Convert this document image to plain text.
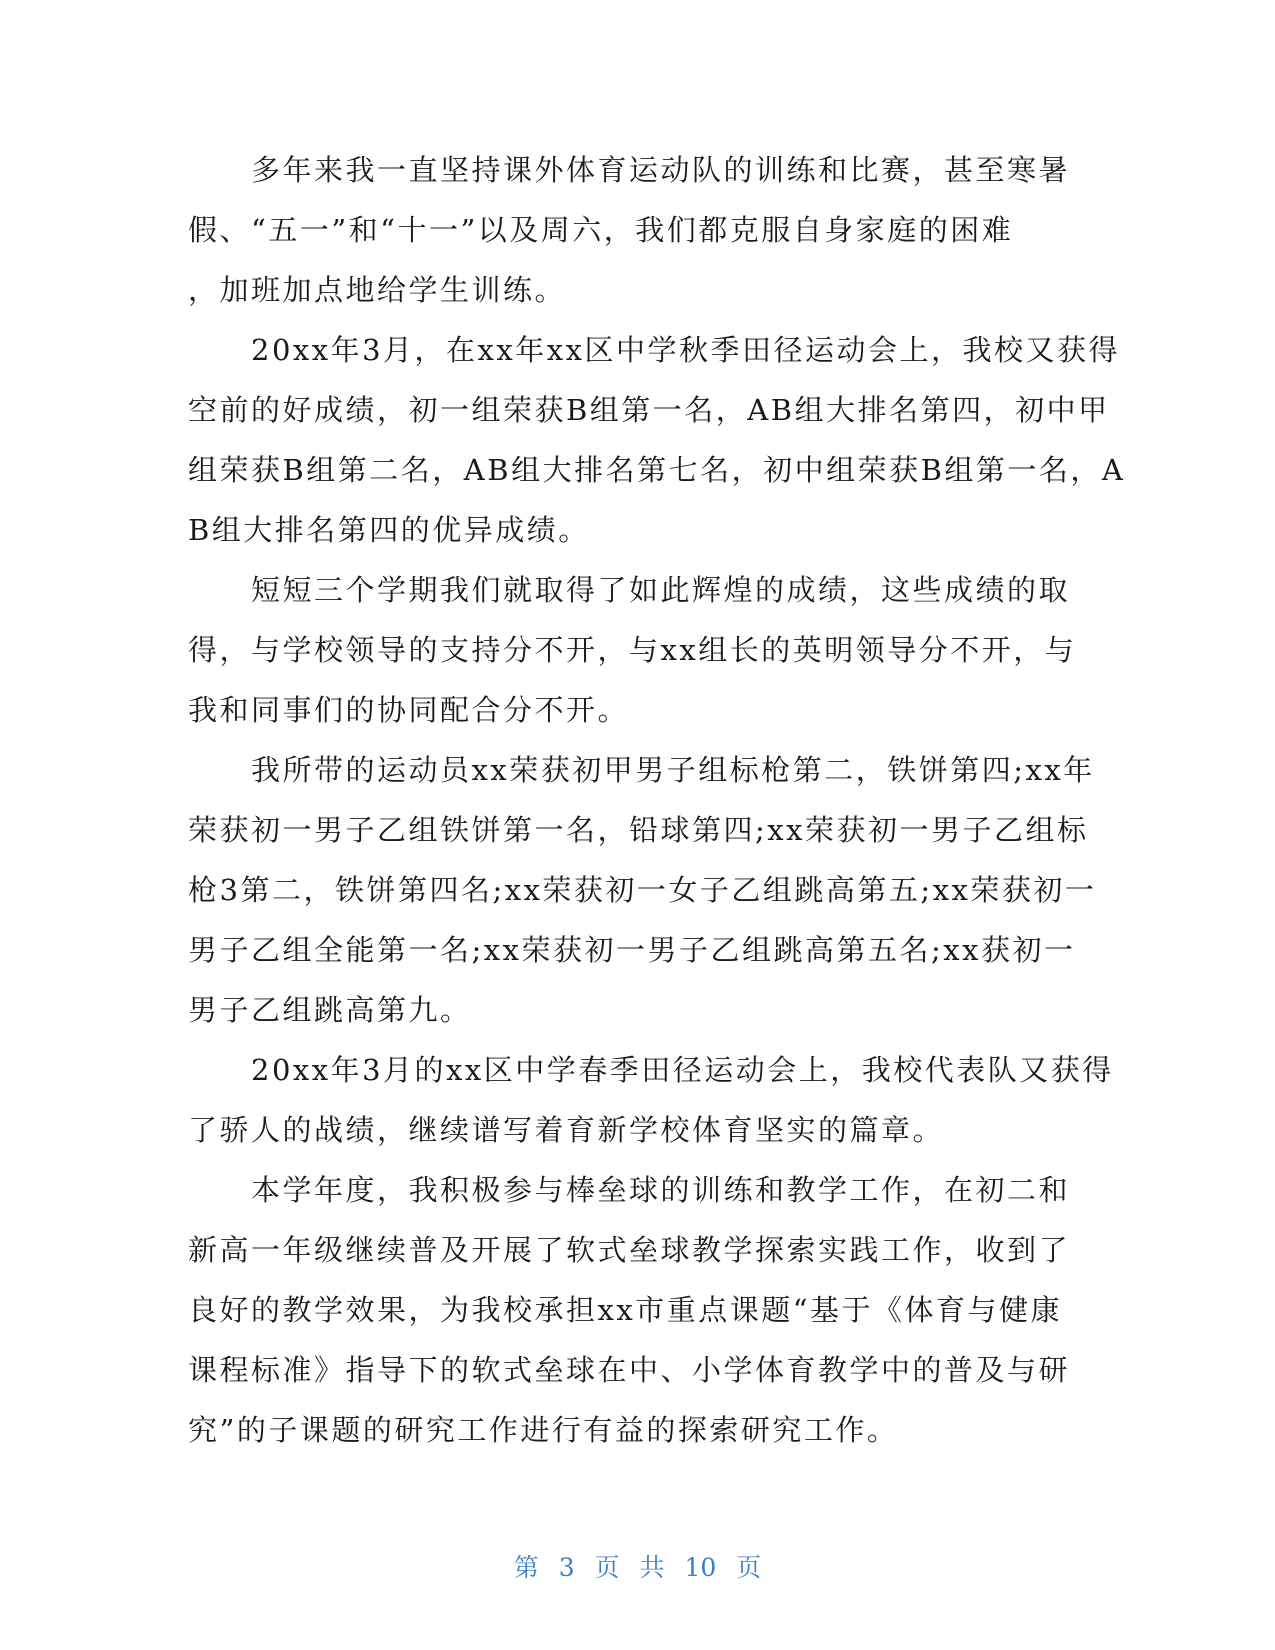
　　多年来我一直坚持课外体育运动队的训练和比赛，甚至寒暑
假、“五一”和“十一”以及周六，我们都克服自身家庭的困难
，加班加点地给学生训练。
　　20xx年3月，在xx年xx区中学秋季田径运动会上，我校又获得
空前的好成绩，初一组荣获B组第一名，AB组大排名第四，初中甲
组荣获B组第二名，AB组大排名第七名，初中组荣获B组第一名，A
B组大排名第四的优异成绩。
　　短短三个学期我们就取得了如此辉煌的成绩，这些成绩的取
得，与学校领导的支持分不开，与xx组长的英明领导分不开，与
我和同事们的协同配合分不开。
　　我所带的运动员xx荣获初甲男子组标枪第二，铁饼第四;xx年
荣获初一男子乙组铁饼第一名，铅球第四;xx荣获初一男子乙组标
枪3第二，铁饼第四名;xx荣获初一女子乙组跳高第五;xx荣获初一
男子乙组全能第一名;xx荣获初一男子乙组跳高第五名;xx获初一
男子乙组跳高第九。
　　20xx年3月的xx区中学春季田径运动会上，我校代表队又获得
了骄人的战绩，继续谱写着育新学校体育坚实的篇章。
　　本学年度，我积极参与棒垒球的训练和教学工作，在初二和
新高一年级继续普及开展了软式垒球教学探索实践工作，收到了
良好的教学效果，为我校承担xx市重点课题“基于《体育与健康
课程标准》指导下的软式垒球在中、小学体育教学中的普及与研
究”的子课题的研究工作进行有益的探索研究工作。
第 3 页 共 10 页
